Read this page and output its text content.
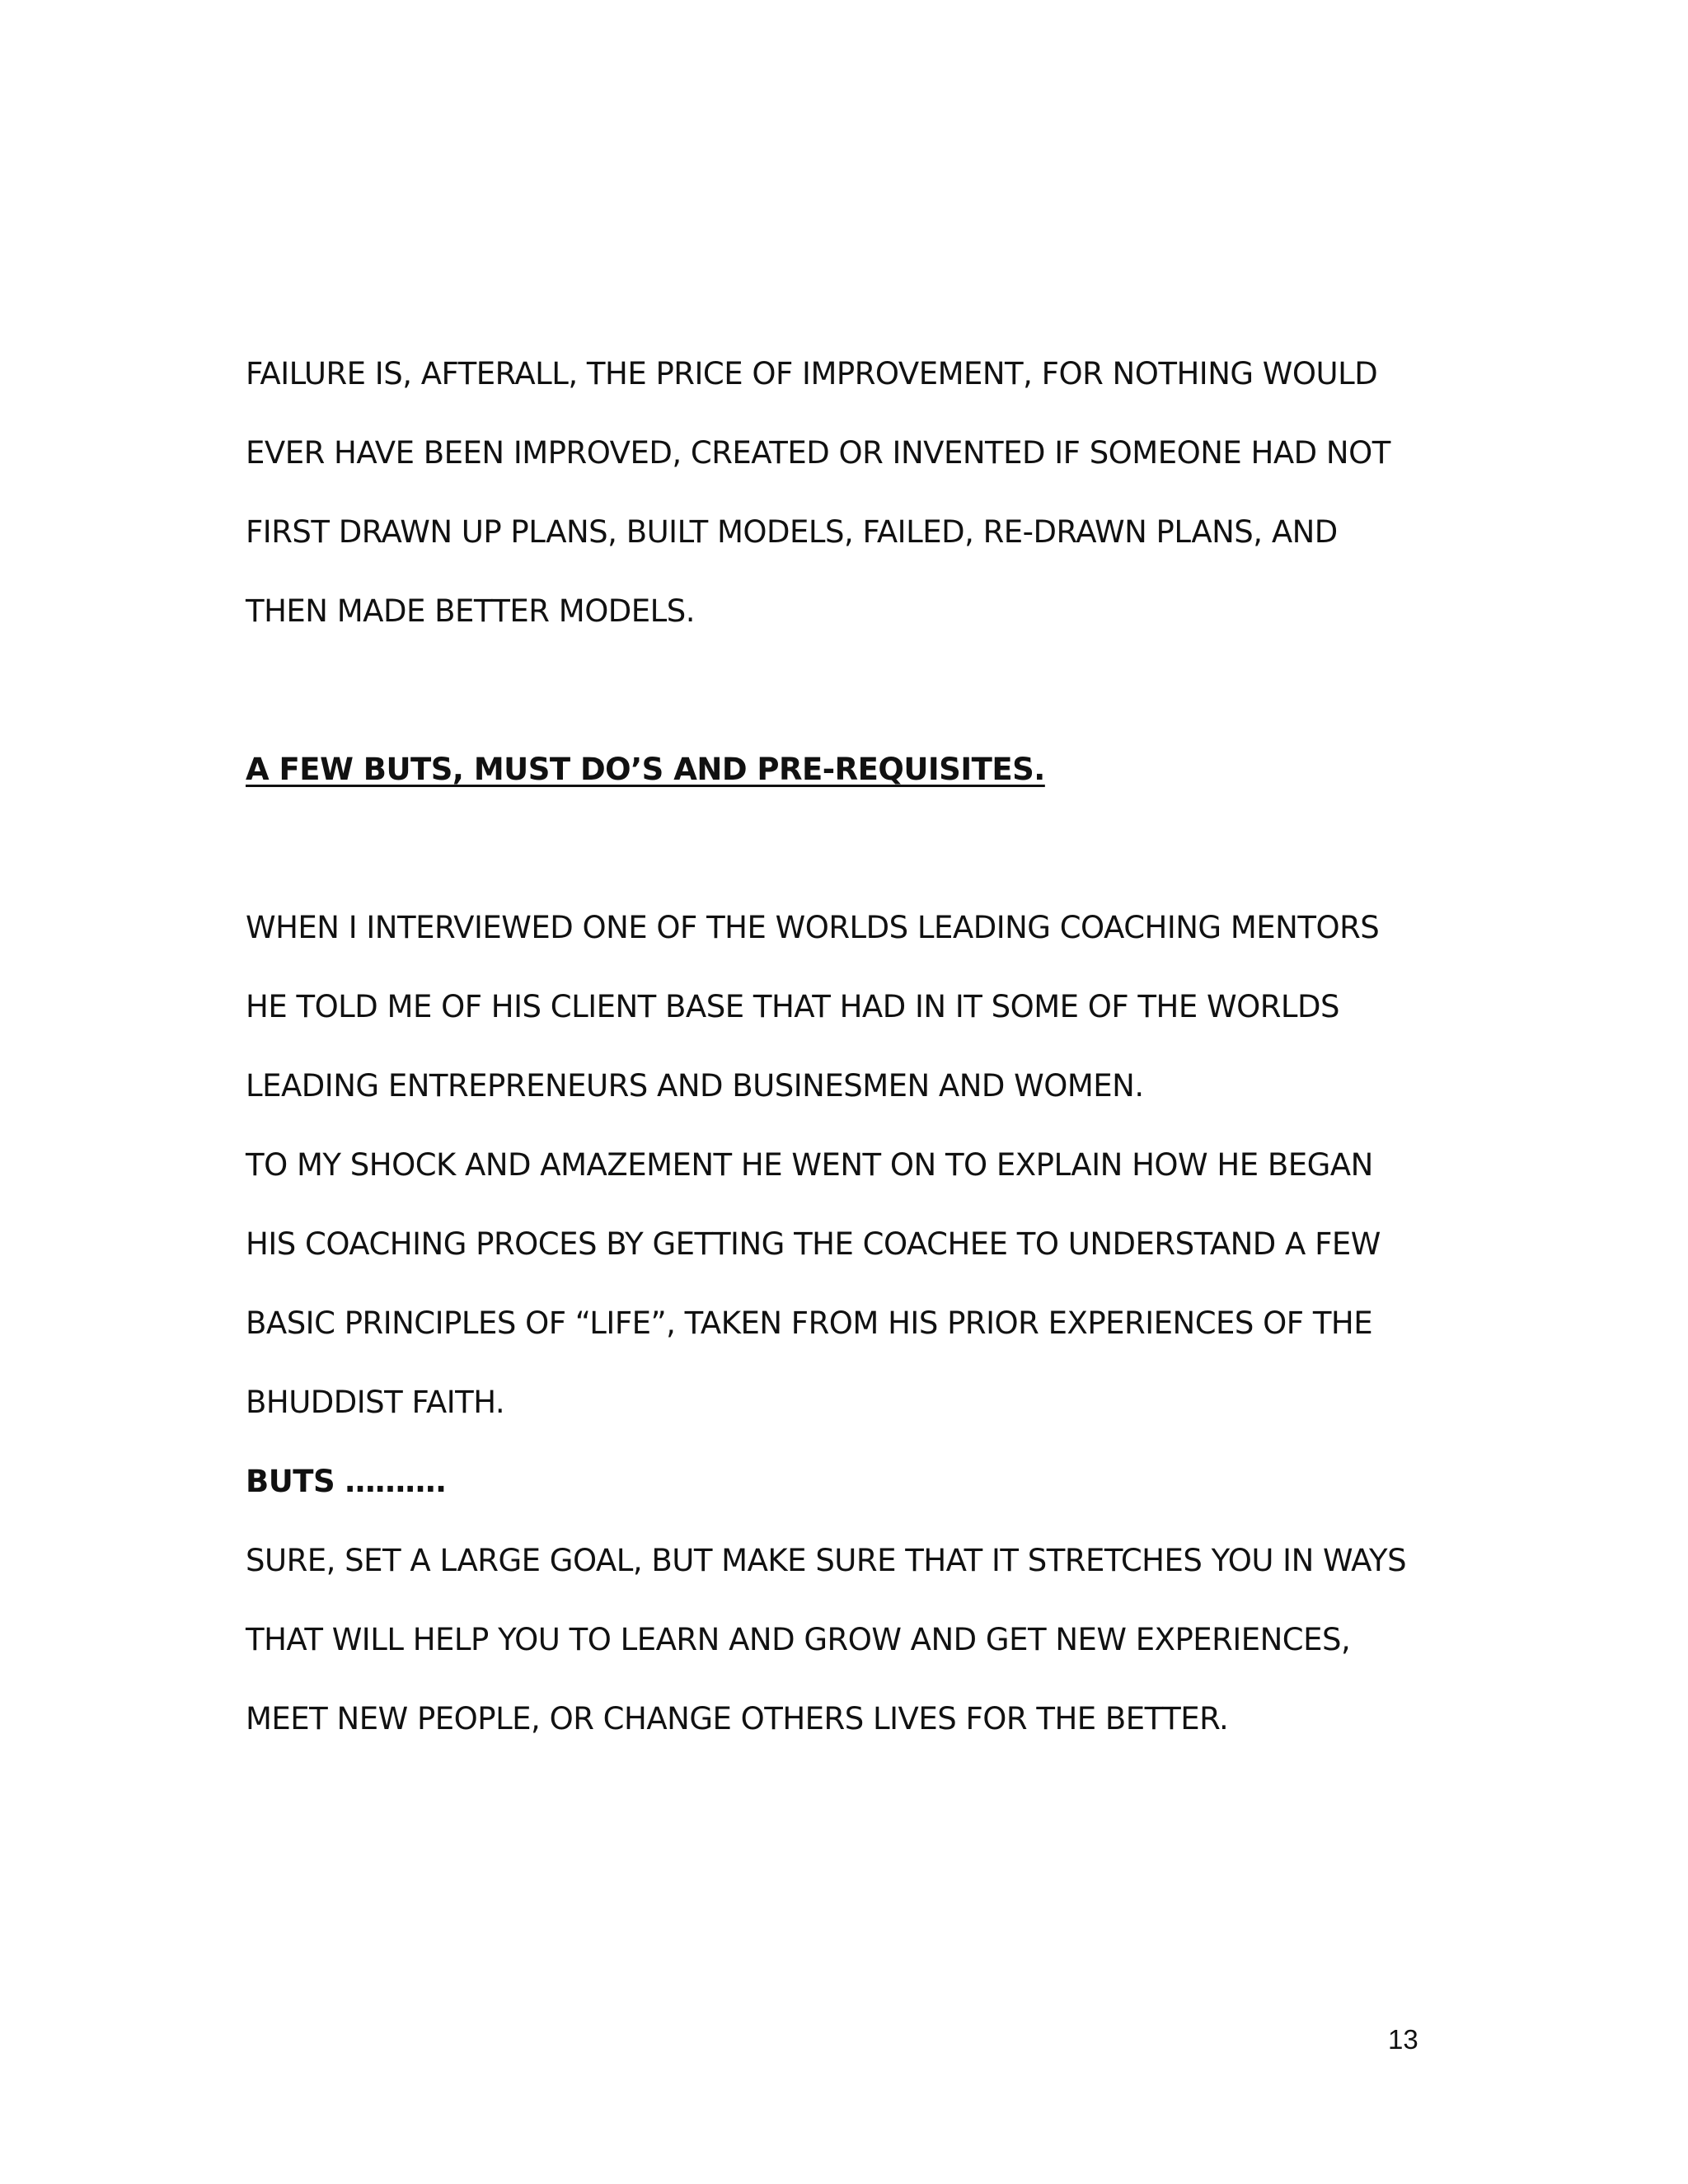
FAILURE IS, AFTERALL, THE PRICE OF IMPROVEMENT, FOR NOTHING WOULD
EVER HAVE BEEN IMPROVED, CREATED OR INVENTED IF SOMEONE HAD NOT
FIRST DRAWN UP PLANS, BUILT MODELS, FAILED, RE-DRAWN PLANS, AND
THEN MADE BETTER MODELS.
A FEW BUTS, MUST DO’S AND PRE-REQUISITES.
WHEN I INTERVIEWED ONE OF THE WORLDS LEADING COACHING MENTORS
HE TOLD ME OF HIS CLIENT BASE THAT HAD IN IT SOME OF THE WORLDS
LEADING ENTREPRENEURS AND BUSINESMEN AND WOMEN.
TO MY SHOCK AND AMAZEMENT HE WENT ON TO EXPLAIN HOW HE BEGAN
HIS COACHING PROCES BY GETTING THE COACHEE TO UNDERSTAND A FEW
BASIC PRINCIPLES OF “LIFE”, TAKEN FROM HIS PRIOR EXPERIENCES OF THE
BHUDDIST FAITH.
BUTS ……….
SURE, SET A LARGE GOAL, BUT MAKE SURE THAT IT STRETCHES YOU IN WAYS
THAT WILL HELP YOU TO LEARN AND GROW AND GET NEW EXPERIENCES,
MEET NEW PEOPLE, OR CHANGE OTHERS LIVES FOR THE BETTER.
13
